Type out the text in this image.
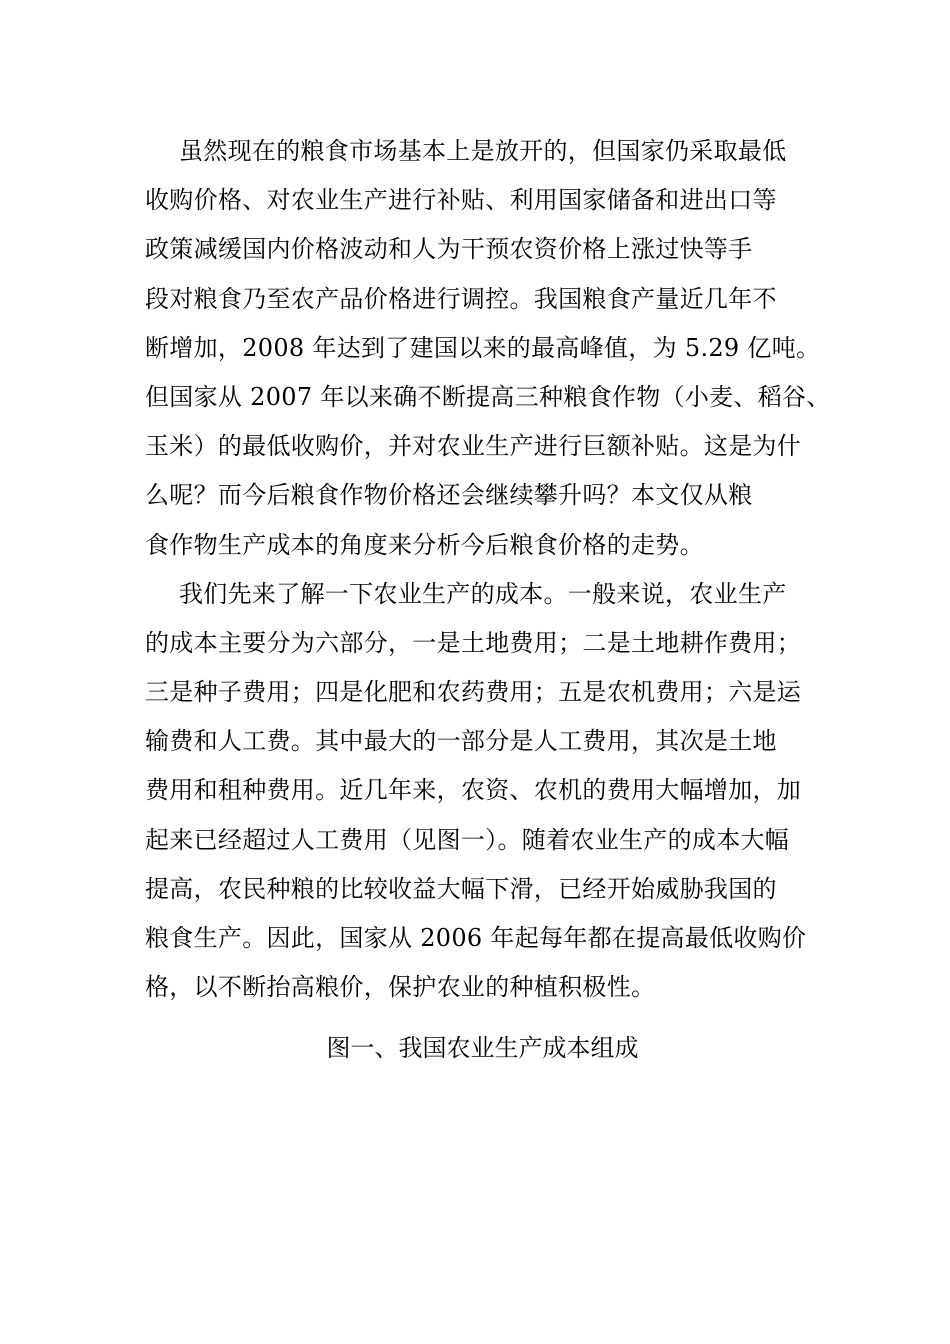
虽然现在的粮食市场基本上是放开的，但国家仍采取最低
收购价格、对农业生产进行补贴、利用国家储备和进出口等
政策减缓国内价格波动和人为干预农资价格上涨过快等手
段对粮食乃至农产品价格进行调控。我国粮食产量近几年不
断增加，2008 年达到了建国以来的最高峰值，为 5.29 亿吨。
但国家从 2007 年以来确不断提高三种粮食作物（小麦、稻谷、
玉米）的最低收购价，并对农业生产进行巨额补贴。这是为什
么呢？而今后粮食作物价格还会继续攀升吗？本文仅从粮
食作物生产成本的角度来分析今后粮食价格的走势。
我们先来了解一下农业生产的成本。一般来说，农业生产
的成本主要分为六部分，一是土地费用；二是土地耕作费用；
三是种子费用；四是化肥和农药费用；五是农机费用；六是运
输费和人工费。其中最大的一部分是人工费用，其次是土地
费用和租种费用。近几年来，农资、农机的费用大幅增加，加
起来已经超过人工费用（见图一）。随着农业生产的成本大幅
提高，农民种粮的比较收益大幅下滑，已经开始威胁我国的
粮食生产。因此，国家从 2006 年起每年都在提高最低收购价
格，以不断抬高粮价，保护农业的种植积极性。
图一、我国农业生产成本组成
